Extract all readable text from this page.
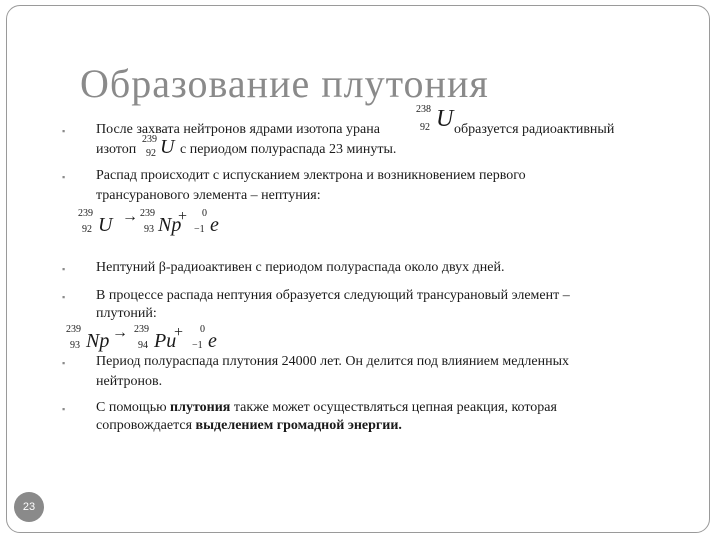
Образование плутония
▪ После захвата нейтронов ядрами изотопа урана
238
92 U образуется радиоактивный
изотоп
239
92 U с периодом полураспада 23 минуты.
▪ Распад происходит с испусканием электрона и возникновением первого
трансуранового элемента – нептуния:
239
92 U → 239
93 Np
+ 0
−1 e
▪ Нептуний β-радиоактивен с периодом полураспада около двух дней.
▪ В процессе распада нептуния образуется следующий трансурановый элемент –
плутоний:
239
93 Np → 239
94 Pu
+ 0
−1 e
▪ Период полураспада плутония 24000 лет. Он делится под влиянием медленных
нейтронов.
▪ С помощью плутония также может осуществляться цепная реакция, которая
сопровождается выделением громадной энергии.
23
